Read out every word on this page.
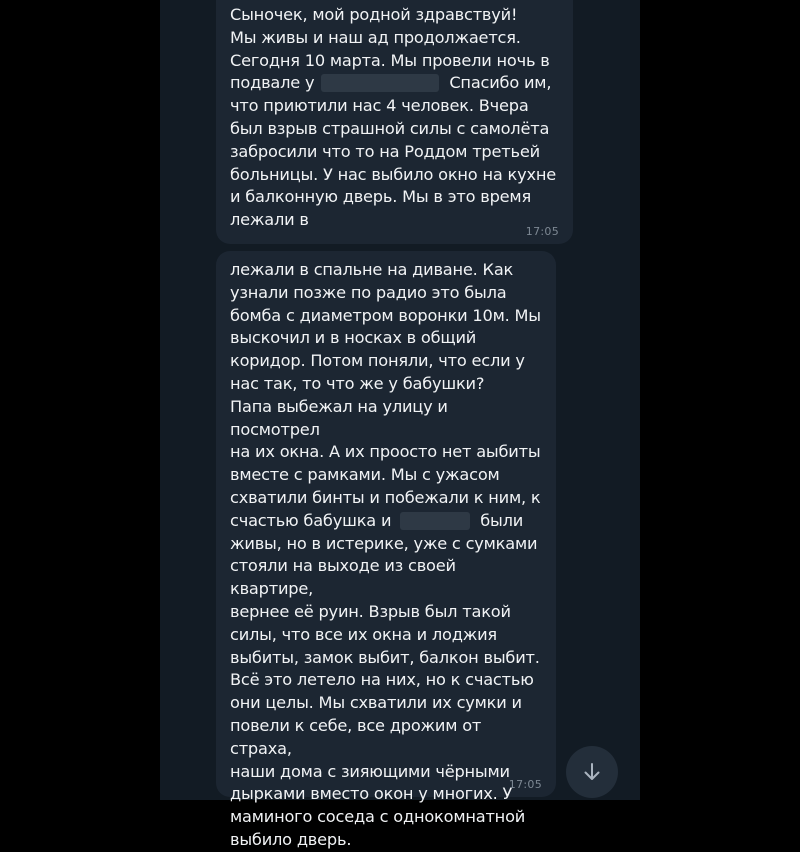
Сыночек, мой родной здравствуй!
Мы живы и наш ад продолжается.
Сегодня 10 марта. Мы провели ночь в
подвале у	Спасибо им,
что приютили нас 4 человек. Вчера
был взрыв страшной силы с самолёта
забросили что то на Роддом третьей
больницы. У нас выбило окно на кухне
и балконную дверь. Мы в это время
лежали в
17:05
лежали в спальне на диване. Как
узнали позже по радио это была
бомба с диаметром воронки 10м. Мы
выскочил и в носках в общий
коридор. Потом поняли, что если у
нас так, то что же у бабушки?
Папа выбежал на улицу и посмотрел
на их окна. А их проосто нет аыбиты
вместе с рамками. Мы с ужасом
схватили бинты и побежали к ним, к
счастью бабушка и	были
живы, но в истерике, уже с сумками
стояли на выходе из своей квартире,
вернее её руин. Взрыв был такой
силы, что все их окна и лоджия
выбиты, замок выбит, балкон выбит.
Всё это летело на них, но к счастью
они целы. Мы схватили их сумки и
повели к себе, все дрожим от страха,
наши дома с зияющими чёрными
дырками вместо окон у многих. У
маминого соседа с однокомнатной
выбило дверь.
17:05
